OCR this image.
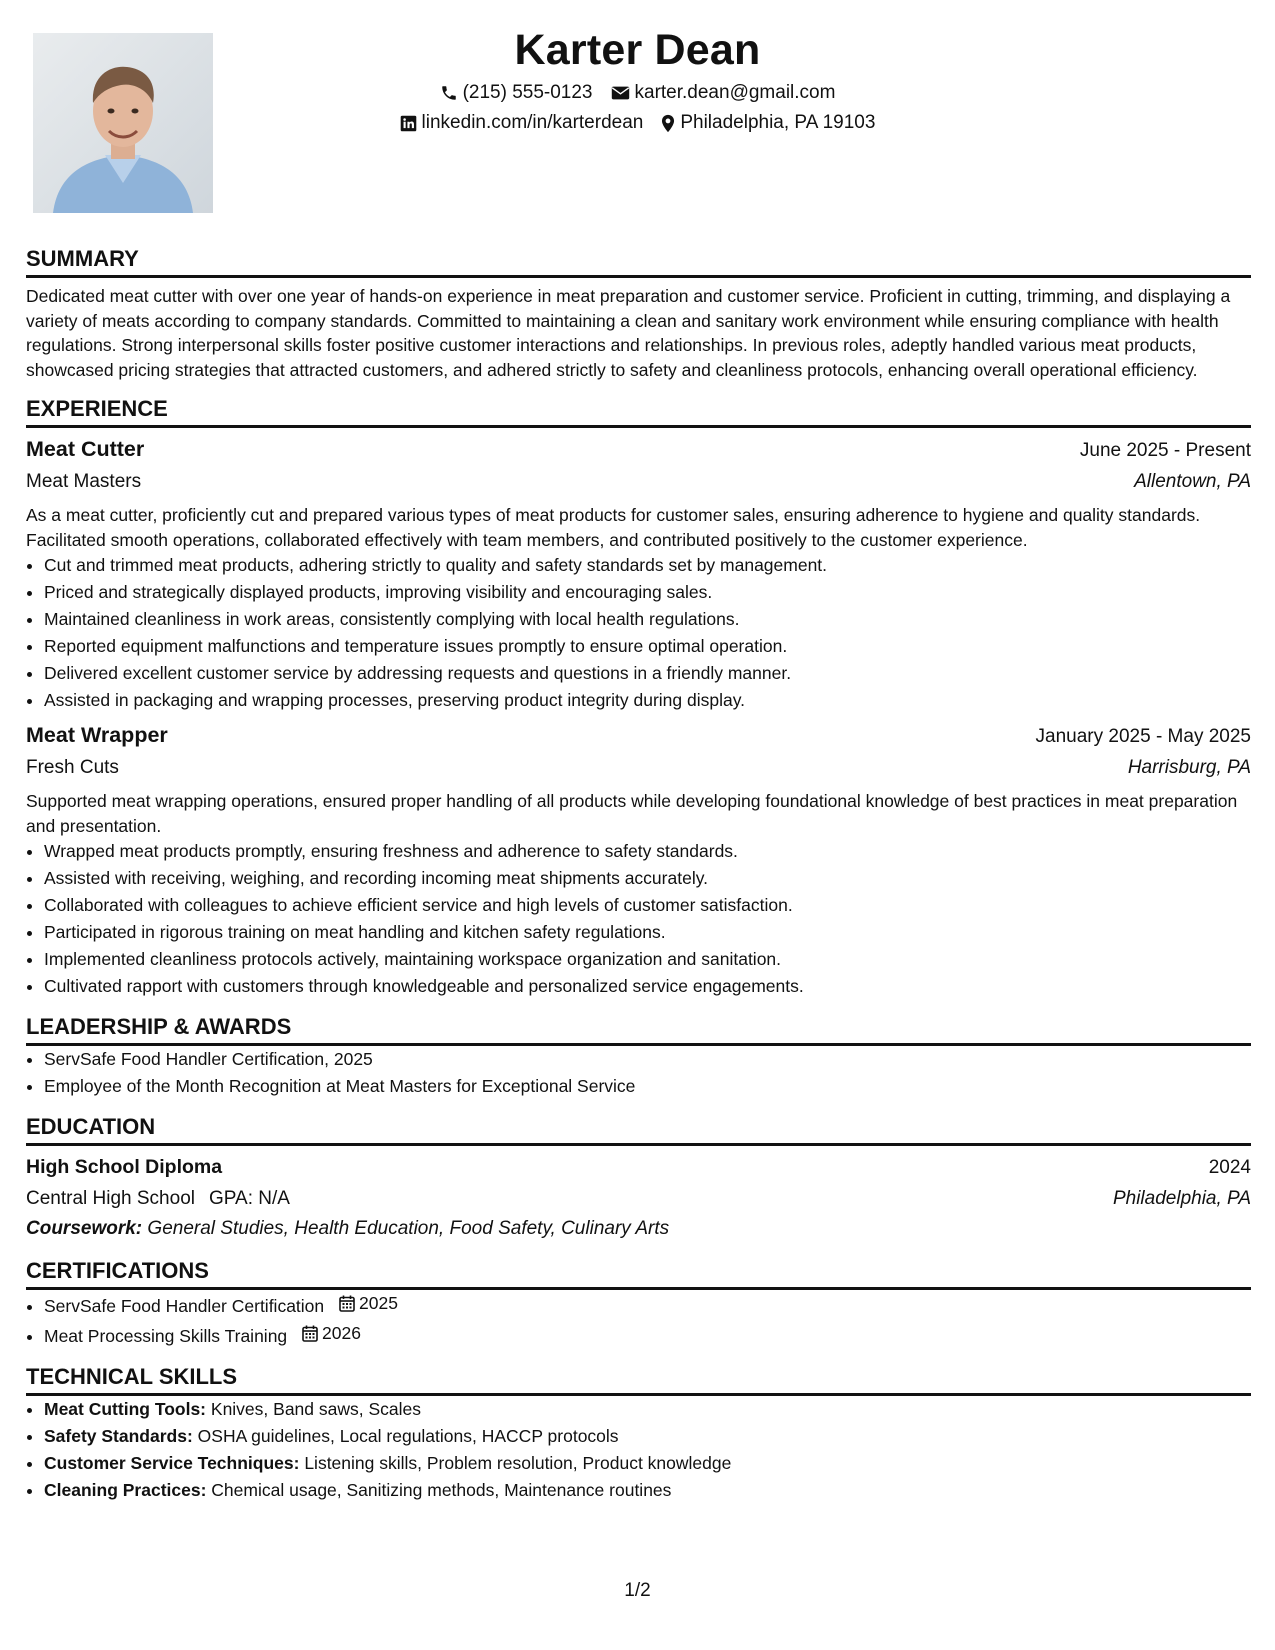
Karter Dean
(215) 555-0123 karter.dean@gmail.com
linkedin.com/in/karterdean Philadelphia, PA 19103
SUMMARY

Dedicated meat cutter with over one year of hands-on experience in meat preparation and customer service. Proficient in cutting, trimming, and displaying a variety of meats according to company standards. Committed to maintaining a clean and sanitary work environment while ensuring compliance with health regulations. Strong interpersonal skills foster positive customer interactions and relationships. In previous roles, adeptly handled various meat products, showcased pricing strategies that attracted customers, and adhered strictly to safety and cleanliness protocols, enhancing overall operational efficiency.

EXPERIENCE
Meat Cutter	June 2025 - Present
Meat Masters	Allentown, PA

As a meat cutter, proficiently cut and prepared various types of meat products for customer sales, ensuring adherence to hygiene and quality standards. Facilitated smooth operations, collaborated effectively with team members, and contributed positively to the customer experience.

• Cut and trimmed meat products, adhering strictly to quality and safety standards set by management.
• Priced and strategically displayed products, improving visibility and encouraging sales.
• Maintained cleanliness in work areas, consistently complying with local health regulations.
• Reported equipment malfunctions and temperature issues promptly to ensure optimal operation.
• Delivered excellent customer service by addressing requests and questions in a friendly manner.
• Assisted in packaging and wrapping processes, preserving product integrity during display.
Meat Wrapper	January 2025 - May 2025
Fresh Cuts	Harrisburg, PA

Supported meat wrapping operations, ensured proper handling of all products while developing foundational knowledge of best practices in meat preparation and presentation.

• Wrapped meat products promptly, ensuring freshness and adherence to safety standards.
• Assisted with receiving, weighing, and recording incoming meat shipments accurately.
• Collaborated with colleagues to achieve efficient service and high levels of customer satisfaction.
• Participated in rigorous training on meat handling and kitchen safety regulations.
• Implemented cleanliness protocols actively, maintaining workspace organization and sanitation.
• Cultivated rapport with customers through knowledgeable and personalized service engagements.
LEADERSHIP & AWARDS
• ServSafe Food Handler Certification, 2025
• Employee of the Month Recognition at Meat Masters for Exceptional Service
EDUCATION
High School Diploma	2024
Central High School GPA: N/A	Philadelphia, PA
Coursework: General Studies, Health Education, Food Safety, Culinary Arts
CERTIFICATIONS
• ServSafe Food Handler Certification 2025
• Meat Processing Skills Training 2026
TECHNICAL SKILLS
• Meat Cutting Tools: Knives, Band saws, Scales
• Safety Standards: OSHA guidelines, Local regulations, HACCP protocols
• Customer Service Techniques: Listening skills, Problem resolution, Product knowledge
• Cleaning Practices: Chemical usage, Sanitizing methods, Maintenance routines
1/2
